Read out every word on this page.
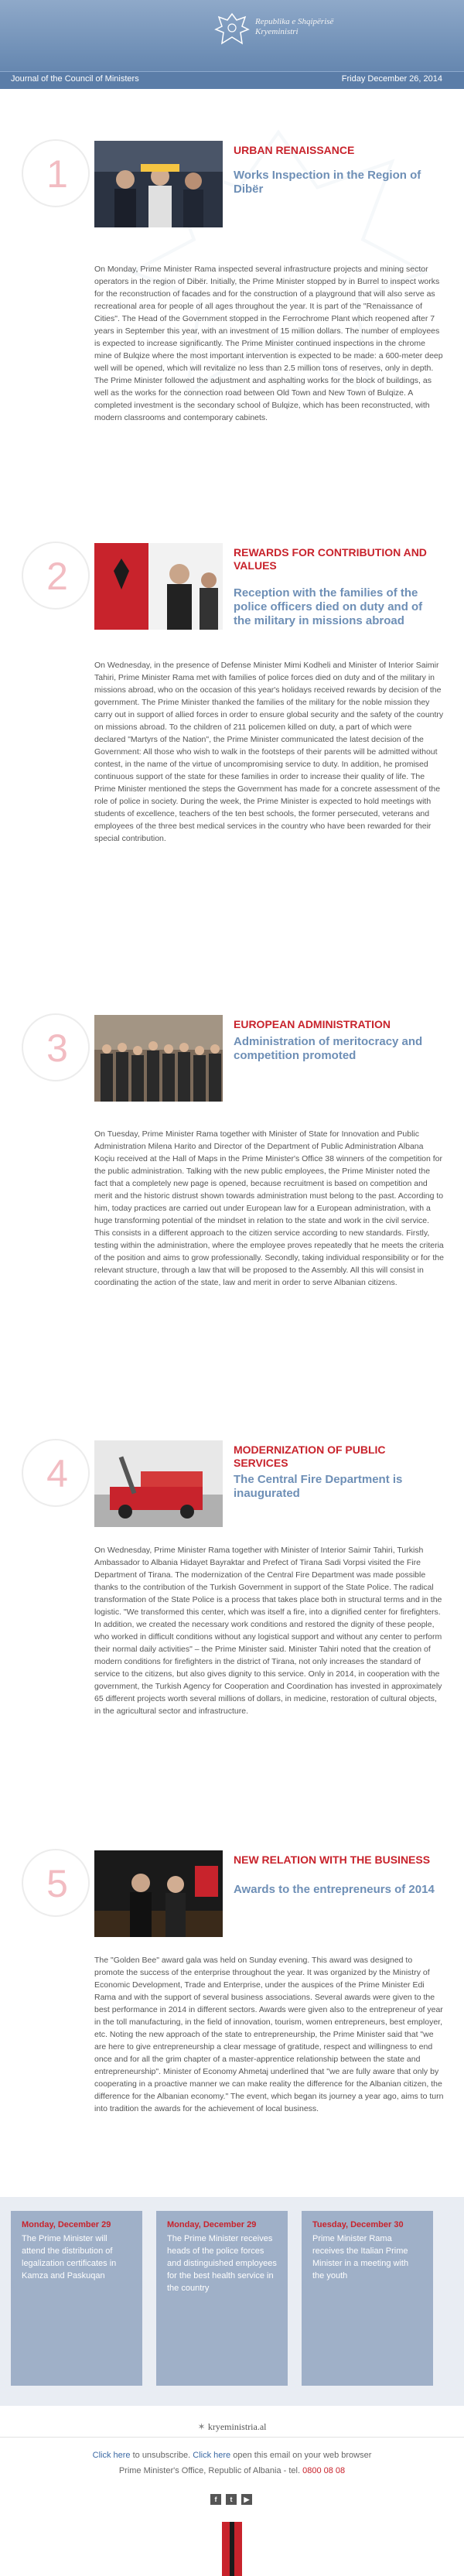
Republika e Shqipërisë
Kryeministri
Journal of the Council of Ministers	Friday December 26, 2014
1
URBAN RENAISSANCE
Works Inspection in the Region of Dibër
On Monday, Prime Minister Rama inspected several infrastructure projects and mining sector operators in the region of Dibër. Initially, the Prime Minister stopped by in Burrel to inspect works for the reconstruction of facades and for the construction of a playground that will also serve as recreational area for people of all ages throughout the year. It is part of the "Renaissance of Cities". The Head of the Government stopped in the Ferrochrome Plant which reopened after 7 years in September this year, with an investment of 15 million dollars. The number of employees is expected to increase significantly. The Prime Minister continued inspections in the chrome mine of Bulqize where the most important intervention is expected to be made: a 600-meter deep well will be opened, which will revitalize no less than 2.5 million tons of reserves, only in depth. The Prime Minister followed the adjustment and asphalting works for the block of buildings, as well as the works for the connection road between Old Town and New Town of Bulqize. A completed investment is the secondary school of Bulqize, which has been reconstructed, with modern classrooms and contemporary cabinets.
2
REWARDS FOR CONTRIBUTION AND VALUES
Reception with the families of the police officers died on duty and of the military in missions abroad
On Wednesday, in the presence of Defense Minister Mimi Kodheli and Minister of Interior Saimir Tahiri, Prime Minister Rama met with families of police forces died on duty and of the military in missions abroad, who on the occasion of this year's holidays received rewards by decision of the government. The Prime Minister thanked the families of the military for the noble mission they carry out in support of allied forces in order to ensure global security and the safety of the country on missions abroad. To the children of 211 policemen killed on duty, a part of which were declared "Martyrs of the Nation", the Prime Minister communicated the latest decision of the Government: All those who wish to walk in the footsteps of their parents will be admitted without contest, in the name of the virtue of uncompromising service to duty. In addition, he promised continuous support of the state for these families in order to increase their quality of life. The Prime Minister mentioned the steps the Government has made for a concrete assessment of the role of police in society. During the week, the Prime Minister is expected to hold meetings with students of excellence, teachers of the ten best schools, the former persecuted, veterans and employees of the three best medical services in the country who have been rewarded for their special contribution.
3
EUROPEAN ADMINISTRATION
Administration of meritocracy and competition promoted
On Tuesday, Prime Minister Rama together with Minister of State for Innovation and Public Administration Milena Harito and Director of the Department of Public Administration Albana Koçiu received at the Hall of Maps in the Prime Minister's Office 38 winners of the competition for the public administration. Talking with the new public employees, the Prime Minister noted the fact that a completely new page is opened, because recruitment is based on competition and merit and the historic distrust shown towards administration must belong to the past. According to him, today practices are carried out under European law for a European administration, with a huge transforming potential of the mindset in relation to the state and work in the civil service. This consists in a different approach to the citizen service according to new standards. Firstly, testing within the administration, where the employee proves repeatedly that he meets the criteria of the position and aims to grow professionally. Secondly, taking individual responsibility or for the relevant structure, through a law that will be proposed to the Assembly. All this will consist in coordinating the action of the state, law and merit in order to serve Albanian citizens.
4
MODERNIZATION OF PUBLIC SERVICES
The Central Fire Department is inaugurated
On Wednesday, Prime Minister Rama together with Minister of Interior Saimir Tahiri, Turkish Ambassador to Albania Hidayet Bayraktar and Prefect of Tirana Sadi Vorpsi visited the Fire Department of Tirana. The modernization of the Central Fire Department was made possible thanks to the contribution of the Turkish Government in support of the State Police. The radical transformation of the State Police is a process that takes place both in structural terms and in the logistic. "We transformed this center, which was itself a fire, into a dignified center for firefighters. In addition, we created the necessary work conditions and restored the dignity of these people, who worked in difficult conditions without any logistical support and without any center to perform their normal daily activities" – the Prime Minister said. Minister Tahiri noted that the creation of modern conditions for firefighters in the district of Tirana, not only increases the standard of service to the citizens, but also gives dignity to this service. Only in 2014, in cooperation with the government, the Turkish Agency for Cooperation and Coordination has invested in approximately 65 different projects worth several millions of dollars, in medicine, restoration of cultural objects, in the agricultural sector and infrastructure.
5
NEW RELATION WITH THE BUSINESS
Awards to the entrepreneurs of 2014
The "Golden Bee" award gala was held on Sunday evening. This award was designed to promote the success of the enterprise throughout the year. It was organized by the Ministry of Economic Development, Trade and Enterprise, under the auspices of the Prime Minister Edi Rama and with the support of several business associations. Several awards were given to the best performance in 2014 in different sectors. Awards were given also to the entrepreneur of year in the toll manufacturing, in the field of innovation, tourism, women entrepreneurs, best employer, etc. Noting the new approach of the state to entrepreneurship, the Prime Minister said that "we are here to give entrepreneurship a clear message of gratitude, respect and willingness to end once and for all the grim chapter of a master-apprentice relationship between the state and entrepreneurship". Minister of Economy Ahmetaj underlined that "we are fully aware that only by cooperating in a proactive manner we can make reality the difference for the Albanian citizen, the difference for the Albanian economy." The event, which began its journey a year ago, aims to turn into tradition the awards for the achievement of local business.
Monday, December 29
The Prime Minister will attend the distribution of legalization certificates in Kamza and Paskuqan
Monday, December 29
The Prime Minister receives heads of the police forces and distinguished employees for the best health service in the country
Tuesday, December 30
Prime Minister Rama receives the Italian Prime Minister in a meeting with the youth
✶ kryeministria.al
Click here to unsubscribe. Click here open this email on your web browser
Prime Minister's Office, Republic of Albania - tel. 0800 08 08
f	t	▶
